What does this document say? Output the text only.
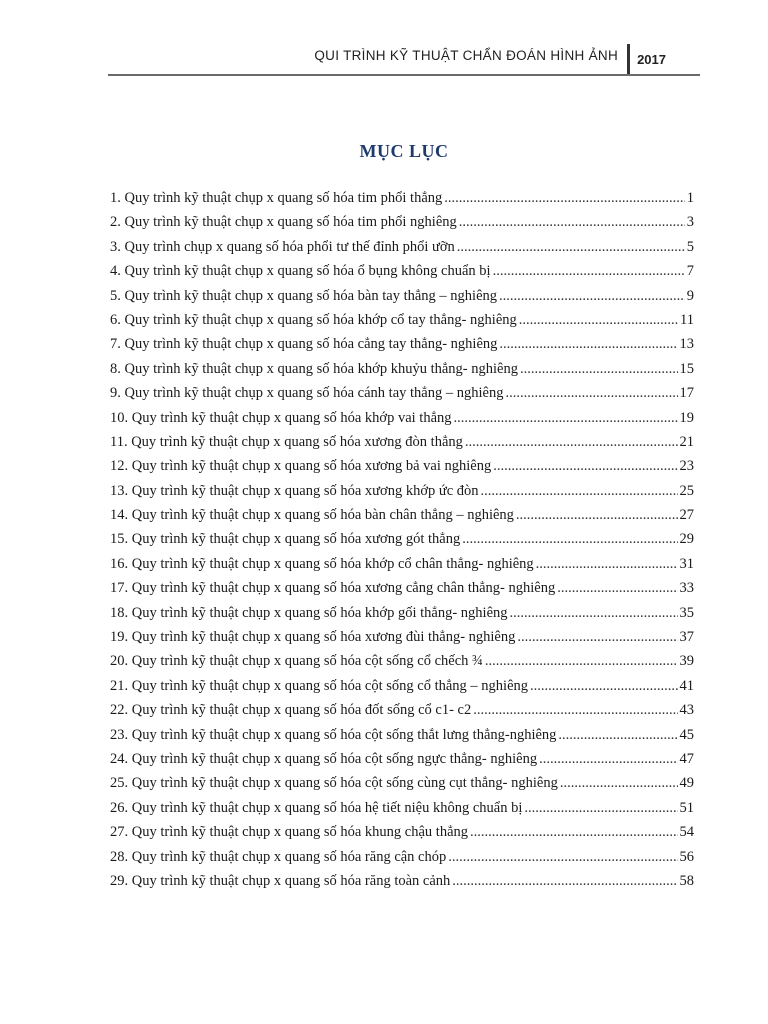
QUI TRÌNH KỸ THUẬT CHẨN ĐOÁN HÌNH ẢNH 2017
MỤC LỤC
1. Quy trình kỹ thuật chụp x quang số hóa tim phổi thẳng .....	1
2. Quy trình kỹ thuật chụp x quang số hóa tim phổi nghiêng .....	3
3. Quy trình chụp x quang số hóa phổi tư thế đỉnh phổi ưỡn .....	5
4. Quy trình kỹ thuật chụp x quang số hóa ổ bụng không chuẩn bị .....	7
5. Quy trình kỹ thuật chụp x quang số hóa bàn tay thẳng – nghiêng .....	9
6. Quy trình kỹ thuật chụp x quang số hóa khớp cổ tay thẳng- nghiêng .....	11
7. Quy trình kỹ thuật chụp x quang số hóa cẳng tay thẳng- nghiêng .....	13
8. Quy trình kỹ thuật chụp x quang số hóa khớp khuỷu thẳng- nghiêng .....	15
9. Quy trình kỹ thuật chụp x quang số hóa cánh tay thẳng – nghiêng .....	17
10. Quy trình kỹ thuật chụp x quang số hóa khớp vai thẳng .....	19
11. Quy trình kỹ thuật chụp x quang số hóa xương đòn thẳng .....	21
12. Quy trình kỹ thuật chụp x quang số hóa xương bả vai nghiêng .....	23
13. Quy trình kỹ thuật chụp x quang số hóa xương khớp ức đòn .....	25
14. Quy trình kỹ thuật chụp x quang số hóa bàn chân thẳng – nghiêng .....	27
15. Quy trình kỹ thuật chụp x quang số hóa xương gót thẳng .....	29
16. Quy trình kỹ thuật chụp x quang số hóa khớp cổ chân thẳng- nghiêng .....	31
17. Quy trình kỹ thuật chụp x quang số hóa xương cẳng chân thẳng- nghiêng .....	33
18. Quy trình kỹ thuật chụp x quang số hóa khớp gối thẳng- nghiêng .....	35
19. Quy trình kỹ thuật chụp x quang số hóa xương đùi thẳng- nghiêng .....	37
20. Quy trình kỹ thuật chụp x quang số hóa cột sống cổ chếch ¾ .....	39
21. Quy trình kỹ thuật chụp x quang số hóa cột sống cổ thẳng – nghiêng .....	41
22. Quy trình kỹ thuật chụp x quang số hóa đốt sống cổ c1- c2 .....	43
23. Quy trình kỹ thuật chụp x quang số hóa cột sống thắt lưng thẳng-nghiêng .....	45
24. Quy trình kỹ thuật chụp x quang số hóa cột sống ngực thẳng- nghiêng .....	47
25. Quy trình kỹ thuật chụp x quang số hóa cột sống cùng cụt thẳng- nghiêng .....	49
26. Quy trình kỹ thuật chụp x quang số hóa hệ tiết niệu không chuẩn bị .....	51
27. Quy trình kỹ thuật chụp x quang số hóa khung chậu thẳng .....	54
28. Quy trình kỹ thuật chụp x quang số hóa răng cận chóp .....	56
29. Quy trình kỹ thuật chụp x quang số hóa răng toàn cảnh .....	58
